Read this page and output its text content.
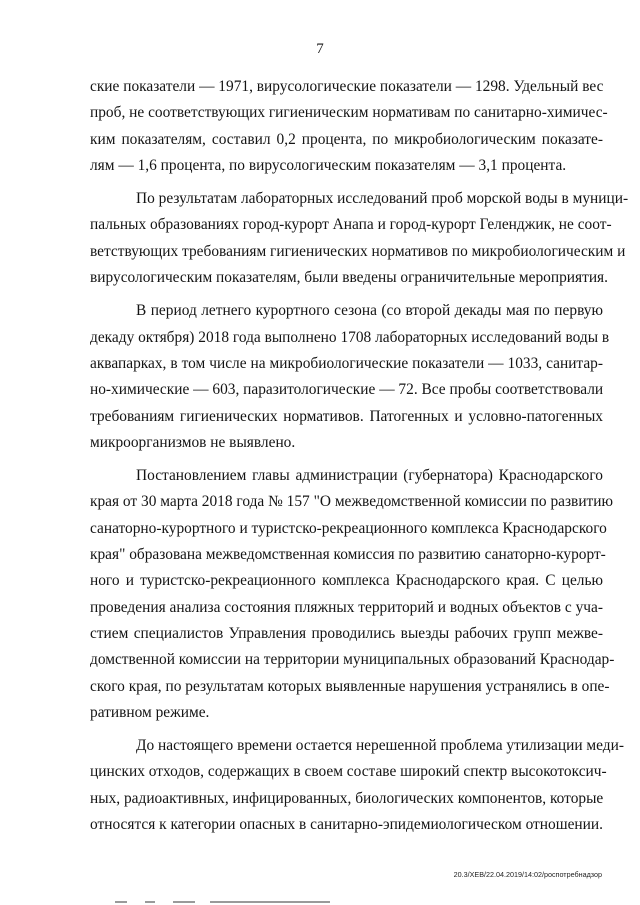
7
ские показатели — 1971, вирусологические показатели — 1298. Удельный вес
проб, не соответствующих гигиеническим нормативам по санитарно-химичес-
ким показателям, составил 0,2 процента, по микробиологическим показате-
лям — 1,6 процента, по вирусологическим показателям — 3,1 процента.
По результатам лабораторных исследований проб морской воды в муници-
пальных образованиях город-курорт Анапа и город-курорт Геленджик, не соот-
ветствующих требованиям гигиенических нормативов по микробиологическим и
вирусологическим показателям, были введены ограничительные мероприятия.
В период летнего курортного сезона (со второй декады мая по первую
декаду октября) 2018 года выполнено 1708 лабораторных исследований воды в
аквапарках, в том числе на микробиологические показатели — 1033, санитар-
но-химические — 603, паразитологические — 72. Все пробы соответствовали
требованиям гигиенических нормативов. Патогенных и условно-патогенных
микроорганизмов не выявлено.
Постановлением главы администрации (губернатора) Краснодарского
края от 30 марта 2018 года № 157 "О межведомственной комиссии по развитию
санаторно-курортного и туристско-рекреационного комплекса Краснодарского
края" образована межведомственная комиссия по развитию санаторно-курорт-
ного и туристско-рекреационного комплекса Краснодарского края. С целью
проведения анализа состояния пляжных территорий и водных объектов с уча-
стием специалистов Управления проводились выезды рабочих групп межве-
домственной комиссии на территории муниципальных образований Краснодар-
ского края, по результатам которых выявленные нарушения устранялись в опе-
ративном режиме.
До настоящего времени остается нерешенной проблема утилизации меди-
цинских отходов, содержащих в своем составе широкий спектр высокотоксич-
ных, радиоактивных, инфицированных, биологических компонентов, которые
относятся к категории опасных в санитарно-эпидемиологическом отношении.
20.3/ХЕВ/22.04.2019/14:02/роспотребнадзор
